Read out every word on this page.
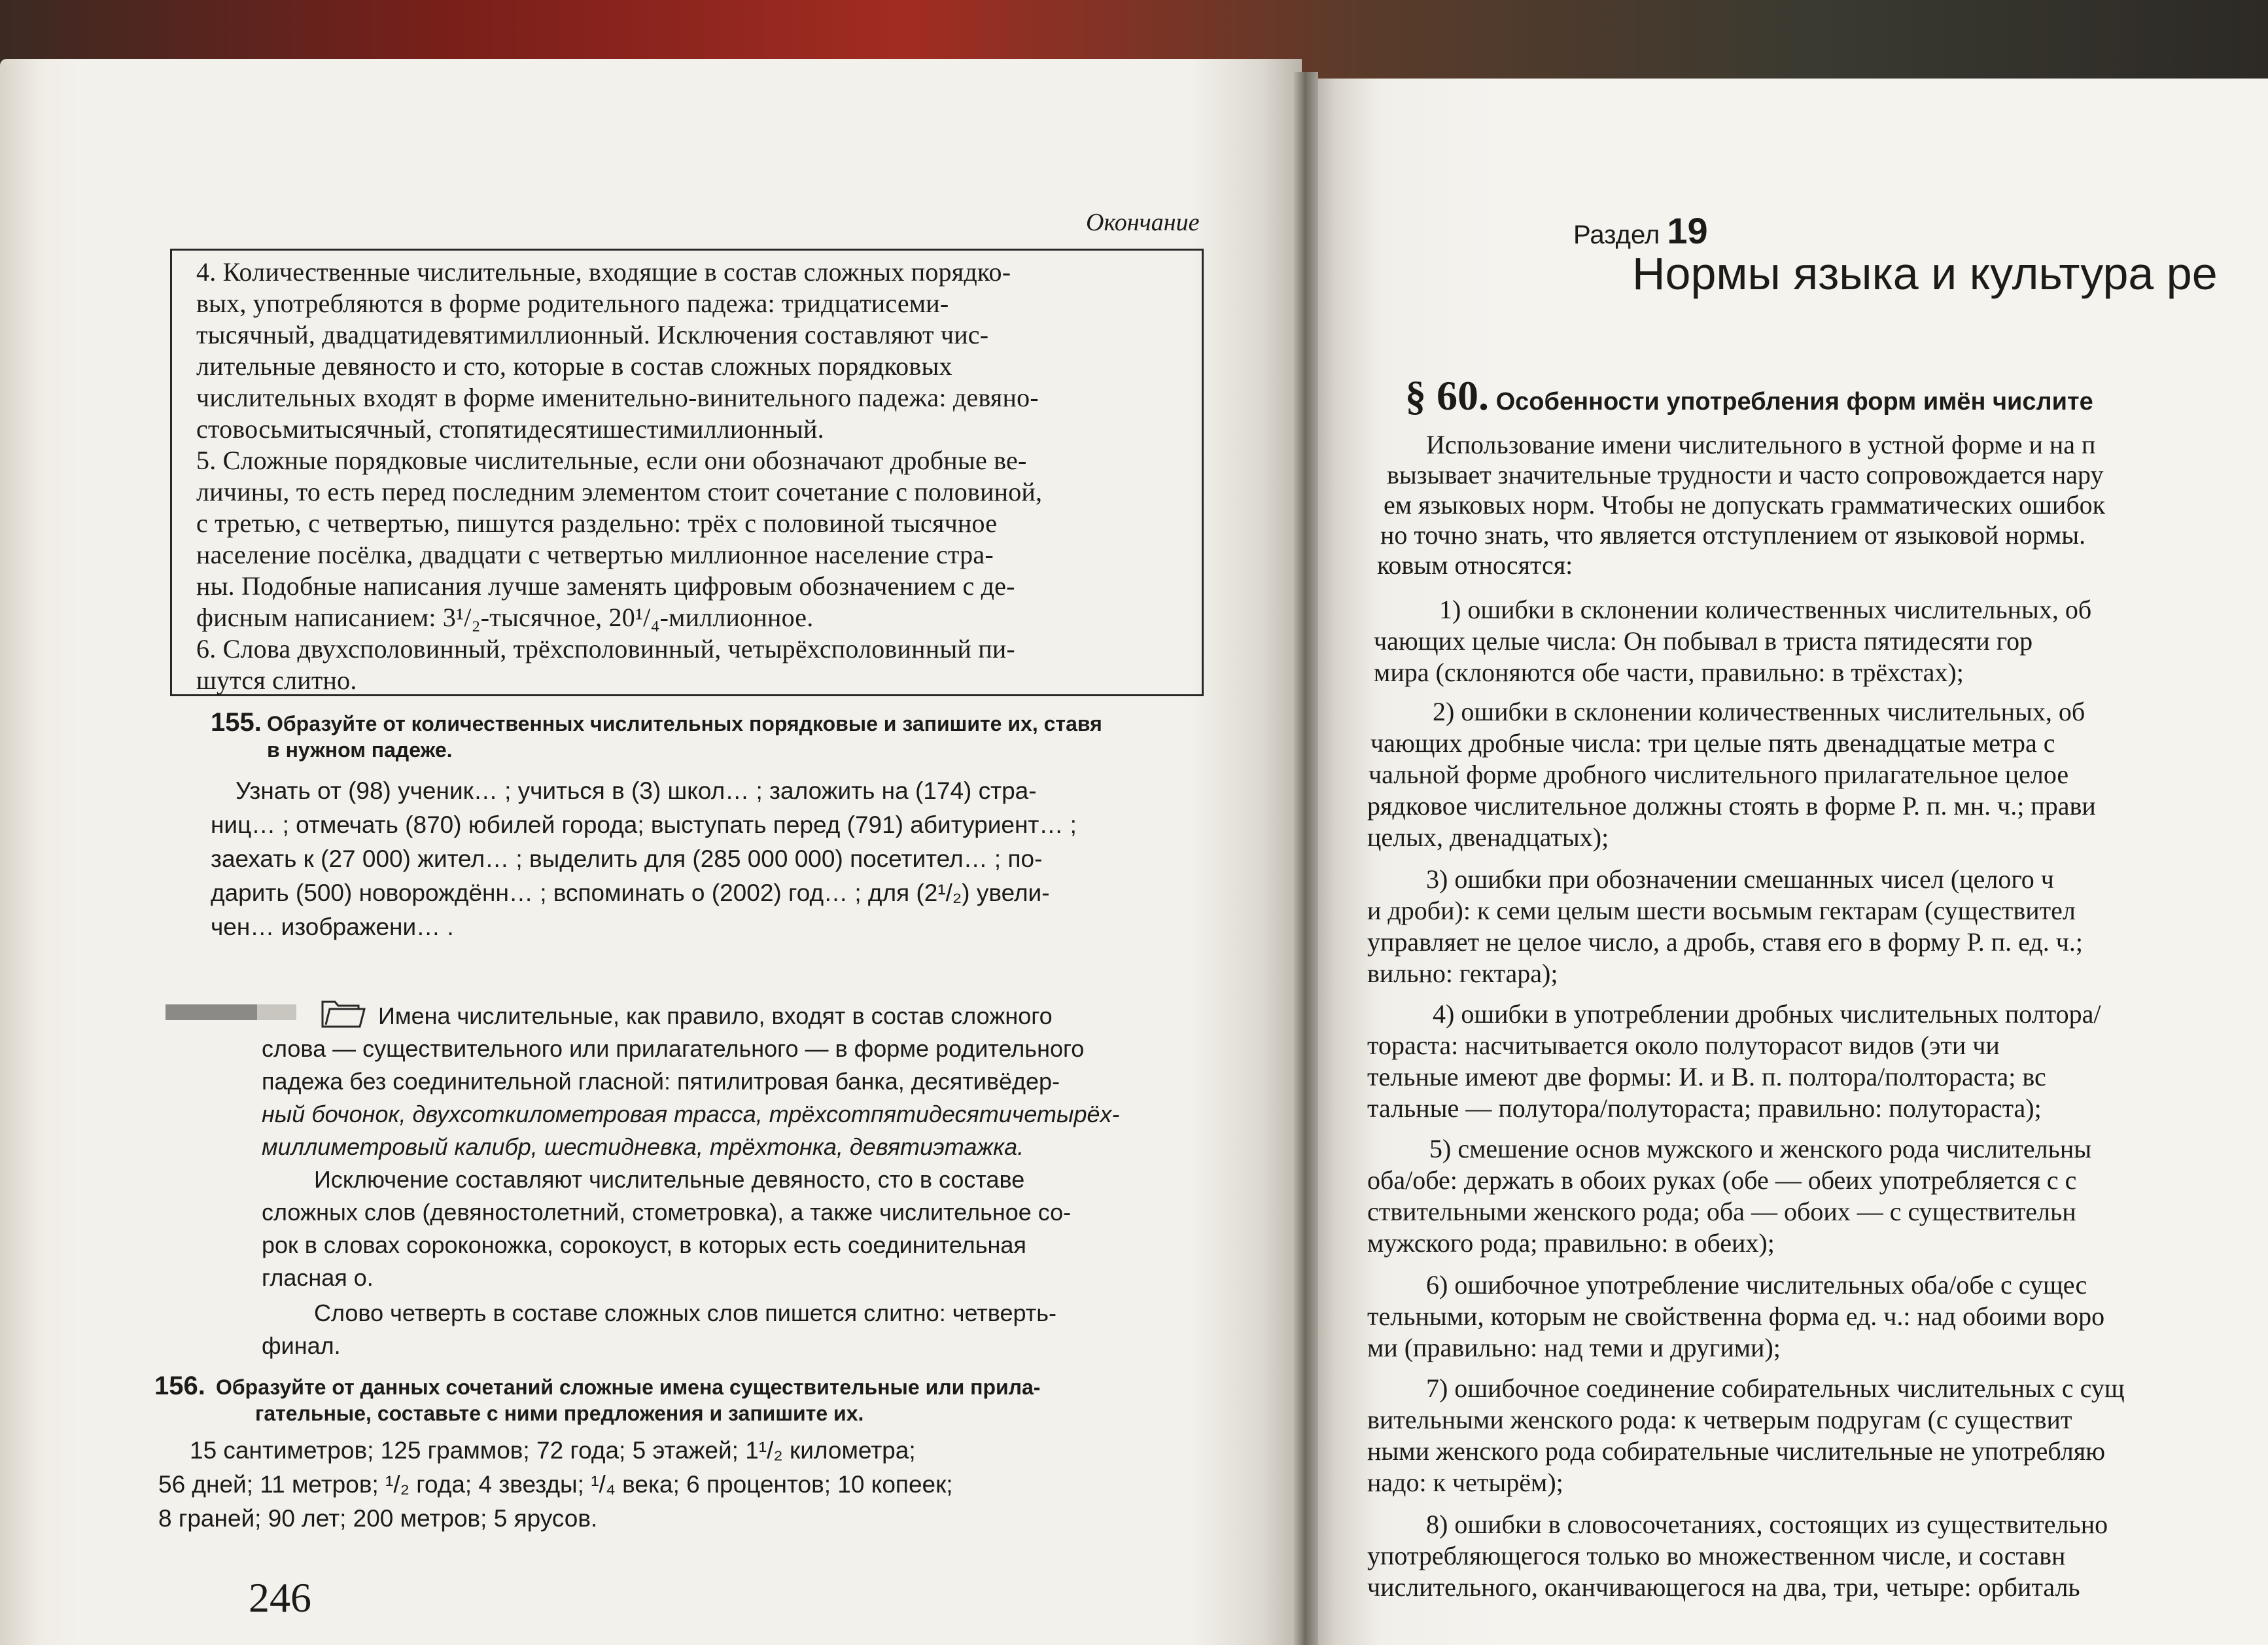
Окончание
4. Количественные числительные, входящие в состав сложных порядко-
вых, употребляются в форме родительного падежа: тридцатисеми-
тысячный, двадцатидевятимиллионный. Исключения составляют чис-
лительные девяносто и сто, которые в состав сложных порядковых
числительных входят в форме именительно-винительного падежа: девяно-
стовосьмитысячный, стопятидесятишестимиллионный.
5. Сложные порядковые числительные, если они обозначают дробные ве-
личины, то есть перед последним элементом стоит сочетание с половиной,
с третью, с четвертью, пишутся раздельно: трёх с половиной тысячное
население посёлка, двадцати с четвертью миллионное население стра-
ны. Подобные написания лучше заменять цифровым обозначением с де-
фисным написанием: 3¹/₂-тысячное, 20¹/₄-миллионное.
6. Слова двухсполовинный, трёхсполовинный, четырёхсполовинный пи-
шутся слитно.
155. Образуйте от количественных числительных порядковые и запишите их, ставя
в нужном падеже.
Узнать от (98) ученик… ; учиться в (3) школ… ; заложить на (174) стра-
ниц… ; отмечать (870) юбилей города; выступать перед (791) абитуриент… ;
заехать к (27 000) жител… ; выделить для (285 000 000) посетител… ; по-
дарить (500) новорождённ… ; вспоминать о (2002) год… ; для (2¹/₂) увели-
чен… изображени… .
Имена числительные, как правило, входят в состав сложного
слова — существительного или прилагательного — в форме родительного
падежа без соединительной гласной: пятилитровая банка, десятивёдер-
ный бочонок, двухсоткилометровая трасса, трёхсотпятидесятичетырёх-
миллиметровый калибр, шестидневка, трёхтонка, девятиэтажка.
Исключение составляют числительные девяносто, сто в составе
сложных слов (девяностолетний, стометровка), а также числительное со-
рок в словах сороконожка, сорокоуст, в которых есть соединительная
гласная о.
Слово четверть в составе сложных слов пишется слитно: четверть-
финал.
156. Образуйте от данных сочетаний сложные имена существительные или прила-
гательные, составьте с ними предложения и запишите их.
15 сантиметров; 125 граммов; 72 года; 5 этажей; 1¹/₂ километра;
56 дней; 11 метров; ¹/₂ года; 4 звезды; ¹/₄ века; 6 процентов; 10 копеек;
8 граней; 90 лет; 200 метров; 5 ярусов.
246
Раздел 19
Нормы языка и культура ре
§ 60. Особенности употребления форм имён числите
Использование имени числительного в устной форме и на п
вызывает значительные трудности и часто сопровождается нару
ем языковых норм. Чтобы не допускать грамматических ошибок
но точно знать, что является отступлением от языковой нормы.
ковым относятся:
1) ошибки в склонении количественных числительных, об
чающих целые числа: Он побывал в триста пятидесяти гор
мира (склоняются обе части, правильно: в трёхстах);
2) ошибки в склонении количественных числительных, об
чающих дробные числа: три целые пять двенадцатые метра с
чальной форме дробного числительного прилагательное целое
рядковое числительное должны стоять в форме Р. п. мн. ч.; прави
целых, двенадцатых);
3) ошибки при обозначении смешанных чисел (целого ч
и дроби): к семи целым шести восьмым гектарам (существител
управляет не целое число, а дробь, ставя его в форму Р. п. ед. ч.;
вильно: гектара);
4) ошибки в употреблении дробных числительных полтора/
тораста: насчитывается около полуторасот видов (эти чи
тельные имеют две формы: И. и В. п. полтора/полтораста; вс
тальные — полутора/полутораста; правильно: полутораста);
5) смешение основ мужского и женского рода числительны
оба/обе: держать в обоих руках (обе — обеих употребляется с с
ствительными женского рода; оба — обоих — с существительн
мужского рода; правильно: в обеих);
6) ошибочное употребление числительных оба/обе с сущес
тельными, которым не свойственна форма ед. ч.: над обоими воро
ми (правильно: над теми и другими);
7) ошибочное соединение собирательных числительных с сущ
вительными женского рода: к четверым подругам (с существит
ными женского рода собирательные числительные не употребляю
надо: к четырём);
8) ошибки в словосочетаниях, состоящих из существительно
употребляющегося только во множественном числе, и составн
числительного, оканчивающегося на два, три, четыре: орбиталь
